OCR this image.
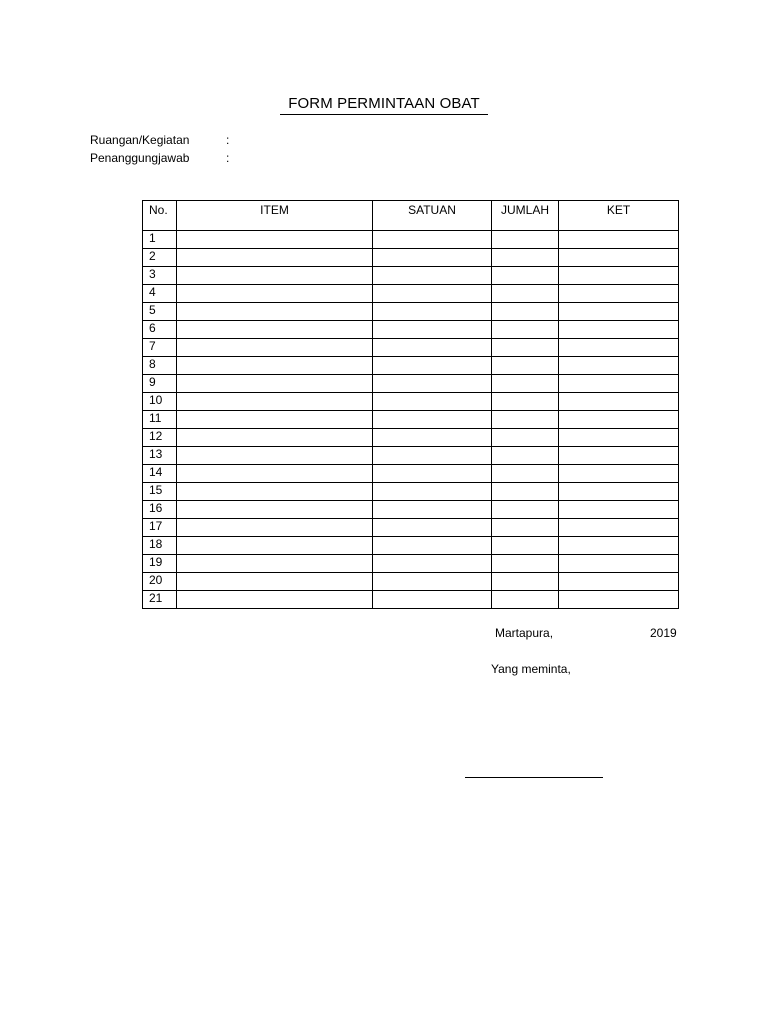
FORM PERMINTAAN OBAT
Ruangan/Kegiatan	:
Penanggungjawab	:
No.	ITEM	SATUAN	JUMLAH	KET
1				
2				
3				
4				
5				
6				
7				
8				
9				
10				
11				
12				
13				
14				
15				
16				
17				
18				
19				
20				
21				
Martapura,	2019
Yang meminta,
